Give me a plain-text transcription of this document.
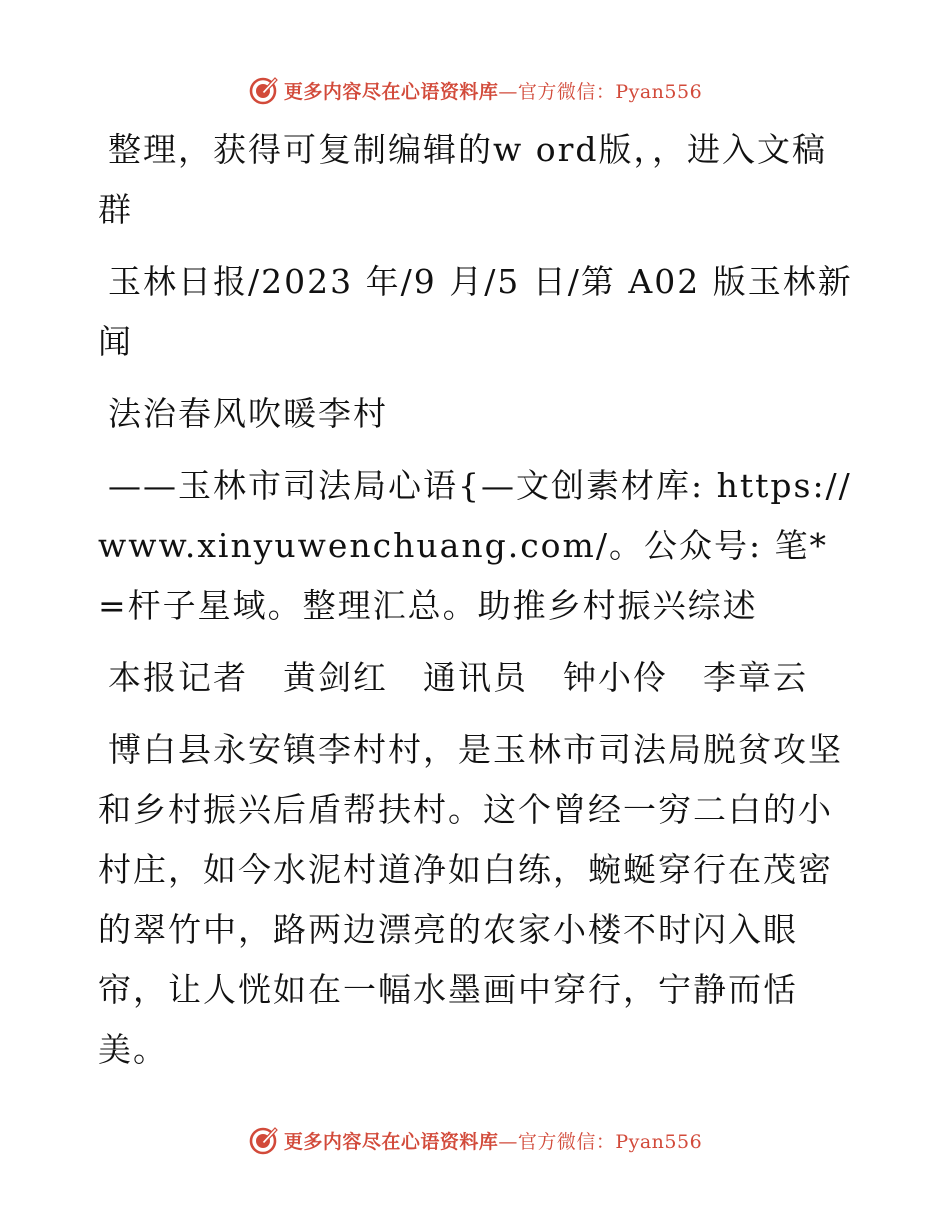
更多内容尽在心语资料库—官方微信：Pyan556

整理，获得可复制编辑的w ord版，，进入文稿群

玉林日报/2023 年/9 月/5 日/第 A02 版玉林新闻

法治春风吹暖李村

——玉林市司法局心语{—文创素材库: https://www.xinyuwenchuang.com/。公众号: 笔*=杆子星域。整理汇总。助推乡村振兴综述

本报记者　黄剑红　通讯员　钟小伶　李章云

博白县永安镇李村村，是玉林市司法局脱贫攻坚和乡村振兴后盾帮扶村。这个曾经一穷二白的小村庄，如今水泥村道净如白练，蜿蜒穿行在茂密的翠竹中，路两边漂亮的农家小楼不时闪入眼帘，让人恍如在一幅水墨画中穿行，宁静而恬美。

更多内容尽在心语资料库—官方微信：Pyan556
